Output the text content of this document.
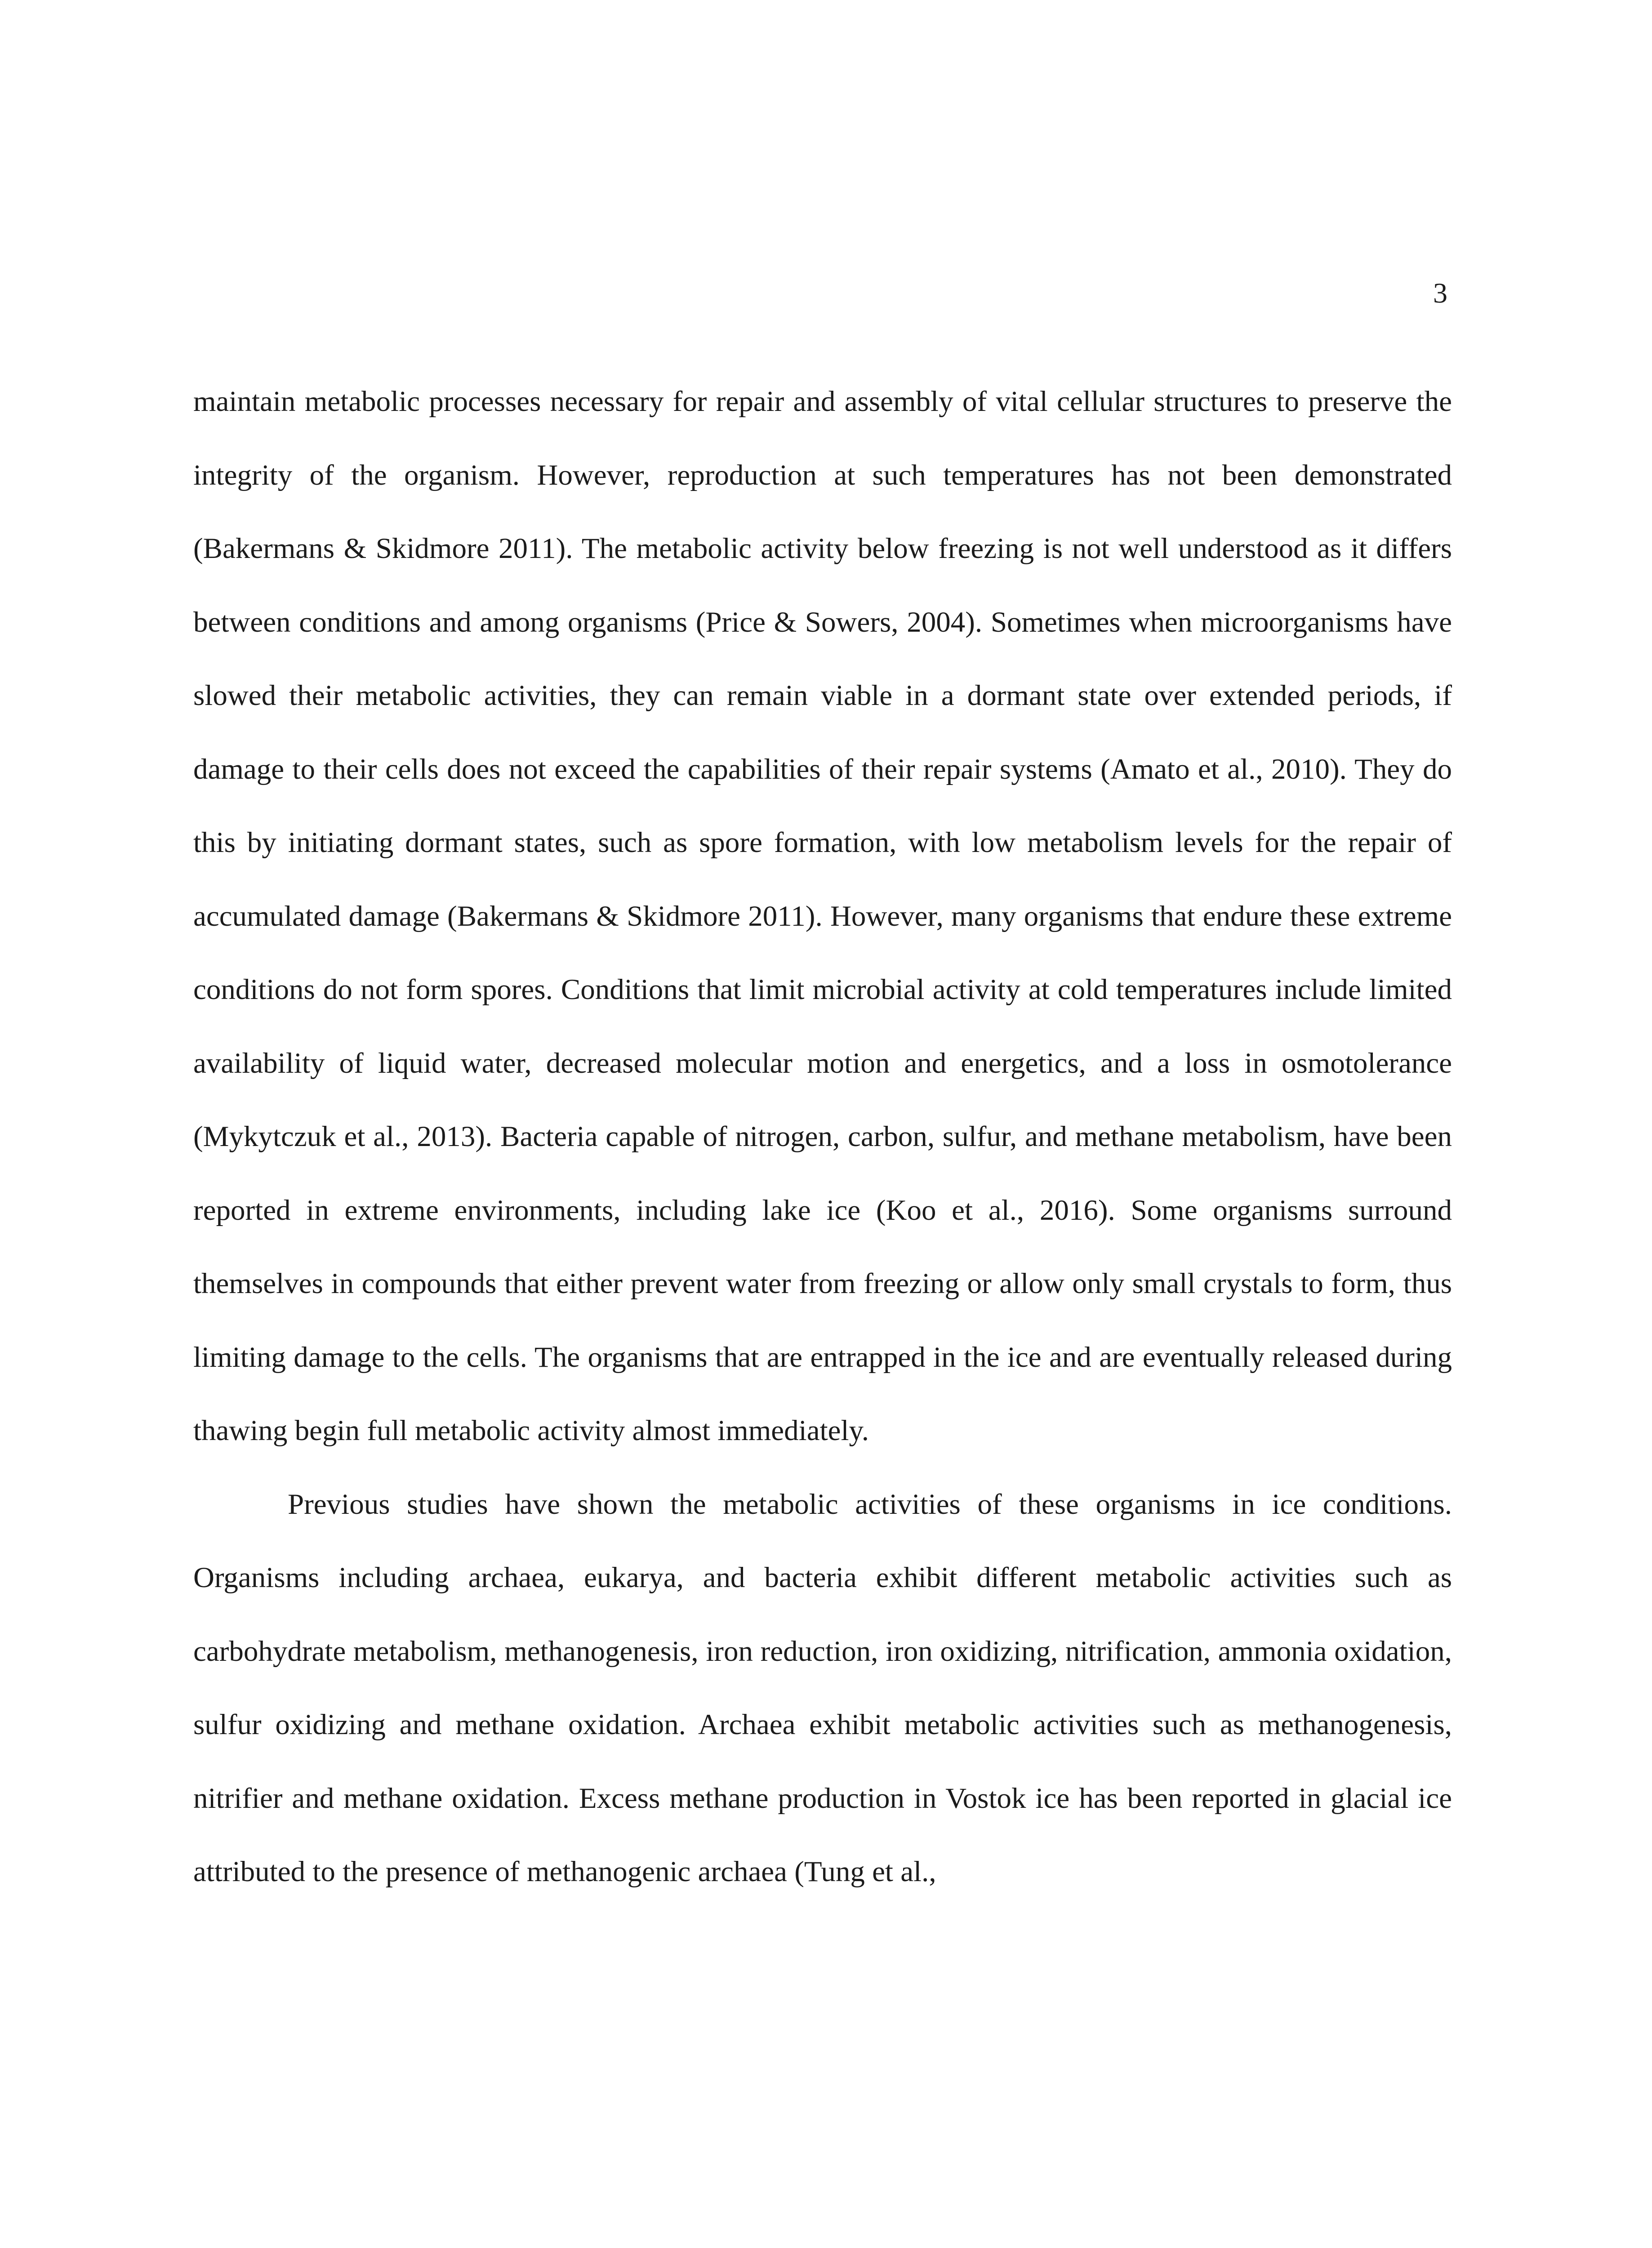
3

maintain metabolic processes necessary for repair and assembly of vital cellular structures to preserve the integrity of the organism. However, reproduction at such temperatures has not been demonstrated (Bakermans & Skidmore 2011). The metabolic activity below freezing is not well understood as it differs between conditions and among organisms (Price & Sowers, 2004). Sometimes when microorganisms have slowed their metabolic activities, they can remain viable in a dormant state over extended periods, if damage to their cells does not exceed the capabilities of their repair systems (Amato et al., 2010). They do this by initiating dormant states, such as spore formation, with low metabolism levels for the repair of accumulated damage (Bakermans & Skidmore 2011). However, many organisms that endure these extreme conditions do not form spores. Conditions that limit microbial activity at cold temperatures include limited availability of liquid water, decreased molecular motion and energetics, and a loss in osmotolerance (Mykytczuk et al., 2013). Bacteria capable of nitrogen, carbon, sulfur, and methane metabolism, have been reported in extreme environments, including lake ice (Koo et al., 2016). Some organisms surround themselves in compounds that either prevent water from freezing or allow only small crystals to form, thus limiting damage to the cells. The organisms that are entrapped in the ice and are eventually released during thawing begin full metabolic activity almost immediately.

Previous studies have shown the metabolic activities of these organisms in ice conditions. Organisms including archaea, eukarya, and bacteria exhibit different metabolic activities such as carbohydrate metabolism, methanogenesis, iron reduction, iron oxidizing, nitrification, ammonia oxidation, sulfur oxidizing and methane oxidation. Archaea exhibit metabolic activities such as methanogenesis, nitrifier and methane oxidation. Excess methane production in Vostok ice has been reported in glacial ice attributed to the presence of methanogenic archaea (Tung et al.,
